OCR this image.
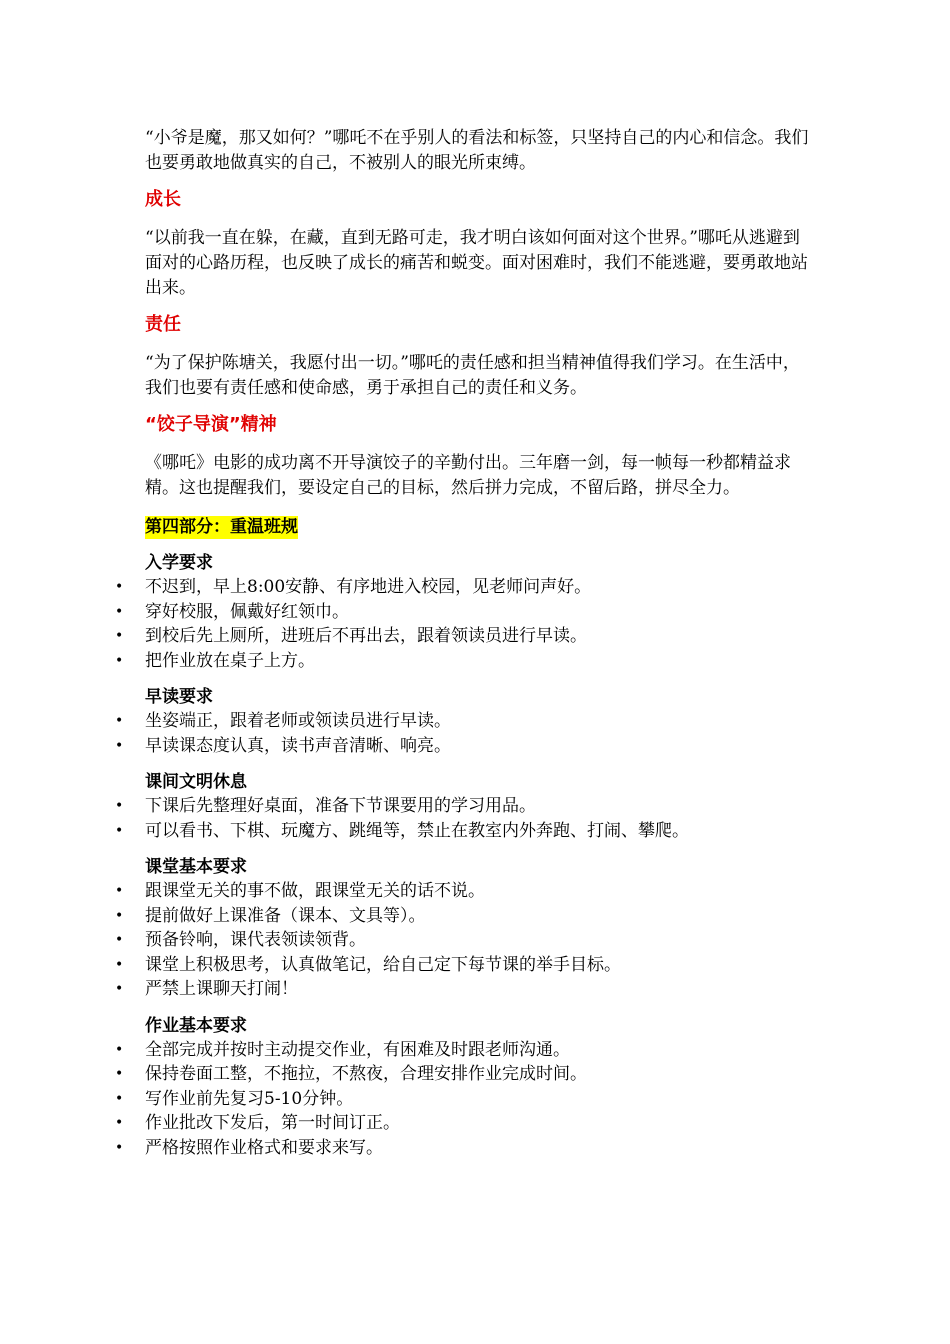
“小爷是魔，那又如何？”哪吒不在乎别人的看法和标签，只坚持自己的内心和信念。我们也要勇敢地做真实的自己，不被别人的眼光所束缚。

成长

“以前我一直在躲，在藏，直到无路可走，我才明白该如何面对这个世界。”哪吒从逃避到面对的心路历程，也反映了成长的痛苦和蜕变。面对困难时，我们不能逃避，要勇敢地站出来。

责任

“为了保护陈塘关，我愿付出一切。”哪吒的责任感和担当精神值得我们学习。在生活中，我们也要有责任感和使命感，勇于承担自己的责任和义务。

“饺子导演”精神

《哪吒》电影的成功离不开导演饺子的辛勤付出。三年磨一剑，每一帧每一秒都精益求精。这也提醒我们，要设定自己的目标，然后拼力完成，不留后路，拼尽全力。

第四部分：重温班规
入学要求
• 不迟到，早上8:00安静、有序地进入校园，见老师问声好。
• 穿好校服，佩戴好红领巾。
• 到校后先上厕所，进班后不再出去，跟着领读员进行早读。
• 把作业放在桌子上方。
早读要求
• 坐姿端正，跟着老师或领读员进行早读。
• 早读课态度认真，读书声音清晰、响亮。
课间文明休息
• 下课后先整理好桌面，准备下节课要用的学习用品。
• 可以看书、下棋、玩魔方、跳绳等，禁止在教室内外奔跑、打闹、攀爬。
课堂基本要求
• 跟课堂无关的事不做，跟课堂无关的话不说。
• 提前做好上课准备（课本、文具等）。
• 预备铃响，课代表领读领背。
• 课堂上积极思考，认真做笔记，给自己定下每节课的举手目标。
• 严禁上课聊天打闹！
作业基本要求
• 全部完成并按时主动提交作业，有困难及时跟老师沟通。
• 保持卷面工整，不拖拉，不熬夜，合理安排作业完成时间。
• 写作业前先复习5-10分钟。
• 作业批改下发后，第一时间订正。
• 严格按照作业格式和要求来写。
